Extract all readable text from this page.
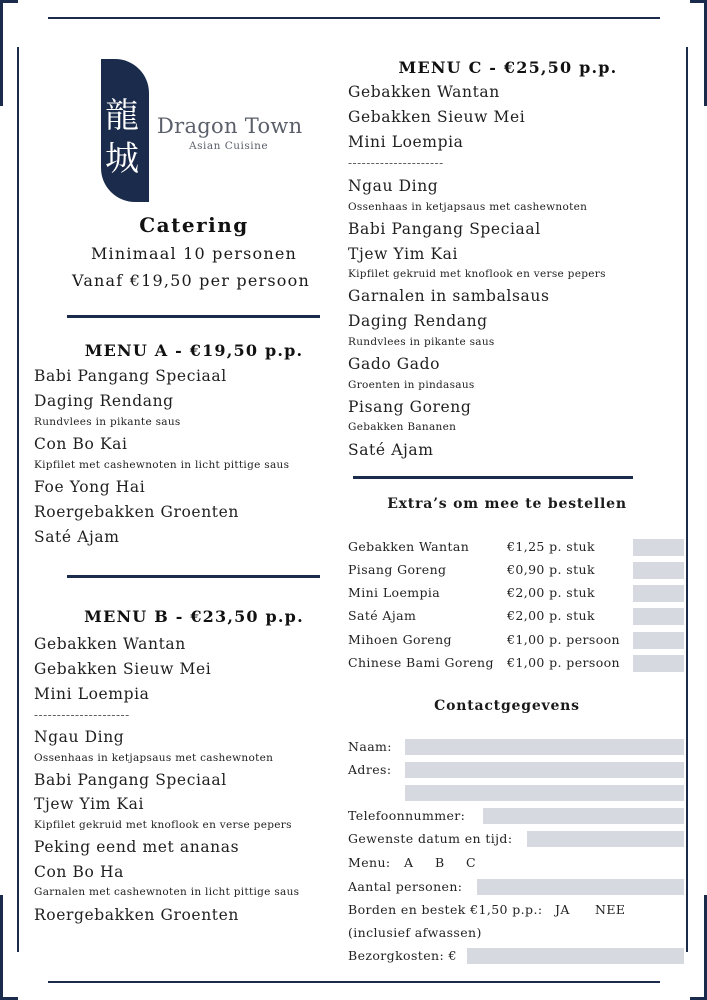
龍
城
Dragon Town
Asian Cuisine
Catering
Minimaal 10 personen
Vanaf €19,50 per persoon
MENU A - €19,50 p.p.
Babi Pangang Speciaal
Daging Rendang
Rundvlees in pikante saus
Con Bo Kai
Kipfilet met cashewnoten in licht pittige saus
Foe Yong Hai
Roergebakken Groenten
Saté Ajam
MENU B - €23,50 p.p.
Gebakken Wantan
Gebakken Sieuw Mei
Mini Loempia
---------------------
Ngau Ding
Ossenhaas in ketjapsaus met cashewnoten
Babi Pangang Speciaal
Tjew Yim Kai
Kipfilet gekruid met knoflook en verse pepers
Peking eend met ananas
Con Bo Ha
Garnalen met cashewnoten in licht pittige saus
Roergebakken Groenten
MENU C - €25,50 p.p.
Gebakken Wantan
Gebakken Sieuw Mei
Mini Loempia
---------------------
Ngau Ding
Ossenhaas in ketjapsaus met cashewnoten
Babi Pangang Speciaal
Tjew Yim Kai
Kipfilet gekruid met knoflook en verse pepers
Garnalen in sambalsaus
Daging Rendang
Rundvlees in pikante saus
Gado Gado
Groenten in pindasaus
Pisang Goreng
Gebakken Bananen
Saté Ajam
Extra’s om mee te bestellen
Gebakken Wantan	€1,25 p. stuk
Pisang Goreng	€0,90 p. stuk
Mini Loempia	€2,00 p. stuk
Saté Ajam	€2,00 p. stuk
Mihoen Goreng	€1,00 p. persoon
Chinese Bami Goreng €1,00 p. persoon
Contactgegevens
Naam:
Adres:
Telefoonnummer:
Gewenste datum en tijd:
Menu: A B C
Aantal personen:
Borden en bestek €1,50 p.p.: JA NEE
(inclusief afwassen)
Bezorgkosten: €
